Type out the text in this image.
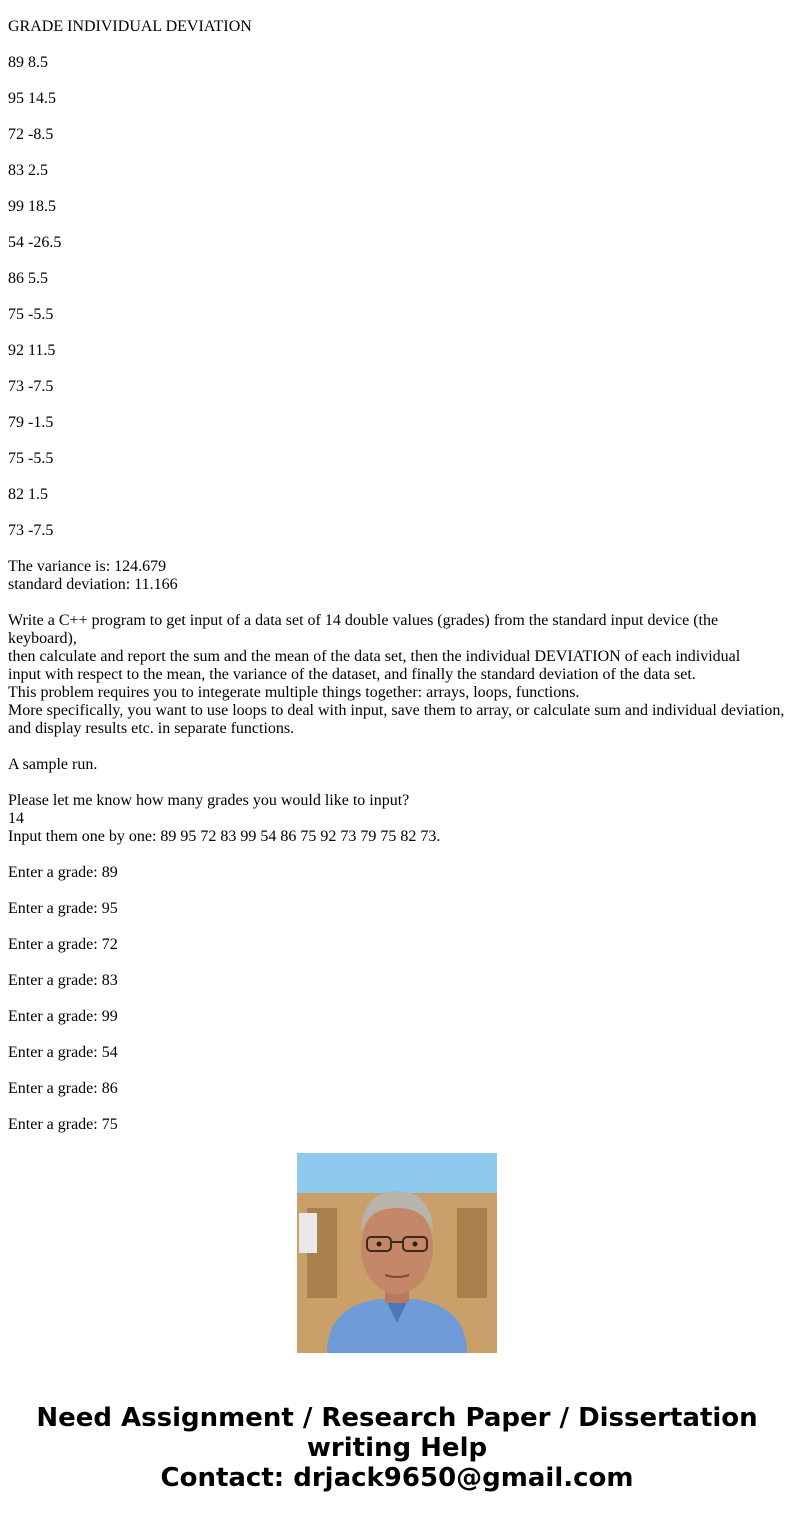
GRADE INDIVIDUAL DEVIATION

89 8.5

95 14.5

72 -8.5

83 2.5

99 18.5

54 -26.5

86 5.5

75 -5.5

92 11.5

73 -7.5

79 -1.5

75 -5.5

82 1.5

73 -7.5

The variance is: 124.679

standard deviation: 11.166

Write a C++ program to get input of a data set of 14 double values (grades) from the standard input device (the keyboard),

then calculate and report the sum and the mean of the data set, then the individual DEVIATION of each individual

input with respect to the mean, the variance of the dataset, and finally the standard deviation of the data set.

This problem requires you to integerate multiple things together: arrays, loops, functions.

More specifically, you want to use loops to deal with input, save them to array, or calculate sum and individual deviation, and display results etc. in separate functions.

A sample run.

Please let me know how many grades you would like to input?

14

Input them one by one: 89 95 72 83 99 54 86 75 92 73 79 75 82 73.

Enter a grade: 89

Enter a grade: 95

Enter a grade: 72

Enter a grade: 83

Enter a grade: 99

Enter a grade: 54

Enter a grade: 86

Enter a grade: 75

Need Assignment / Research Paper / Dissertation
writing Help
Contact: drjack9650@gmail.com
